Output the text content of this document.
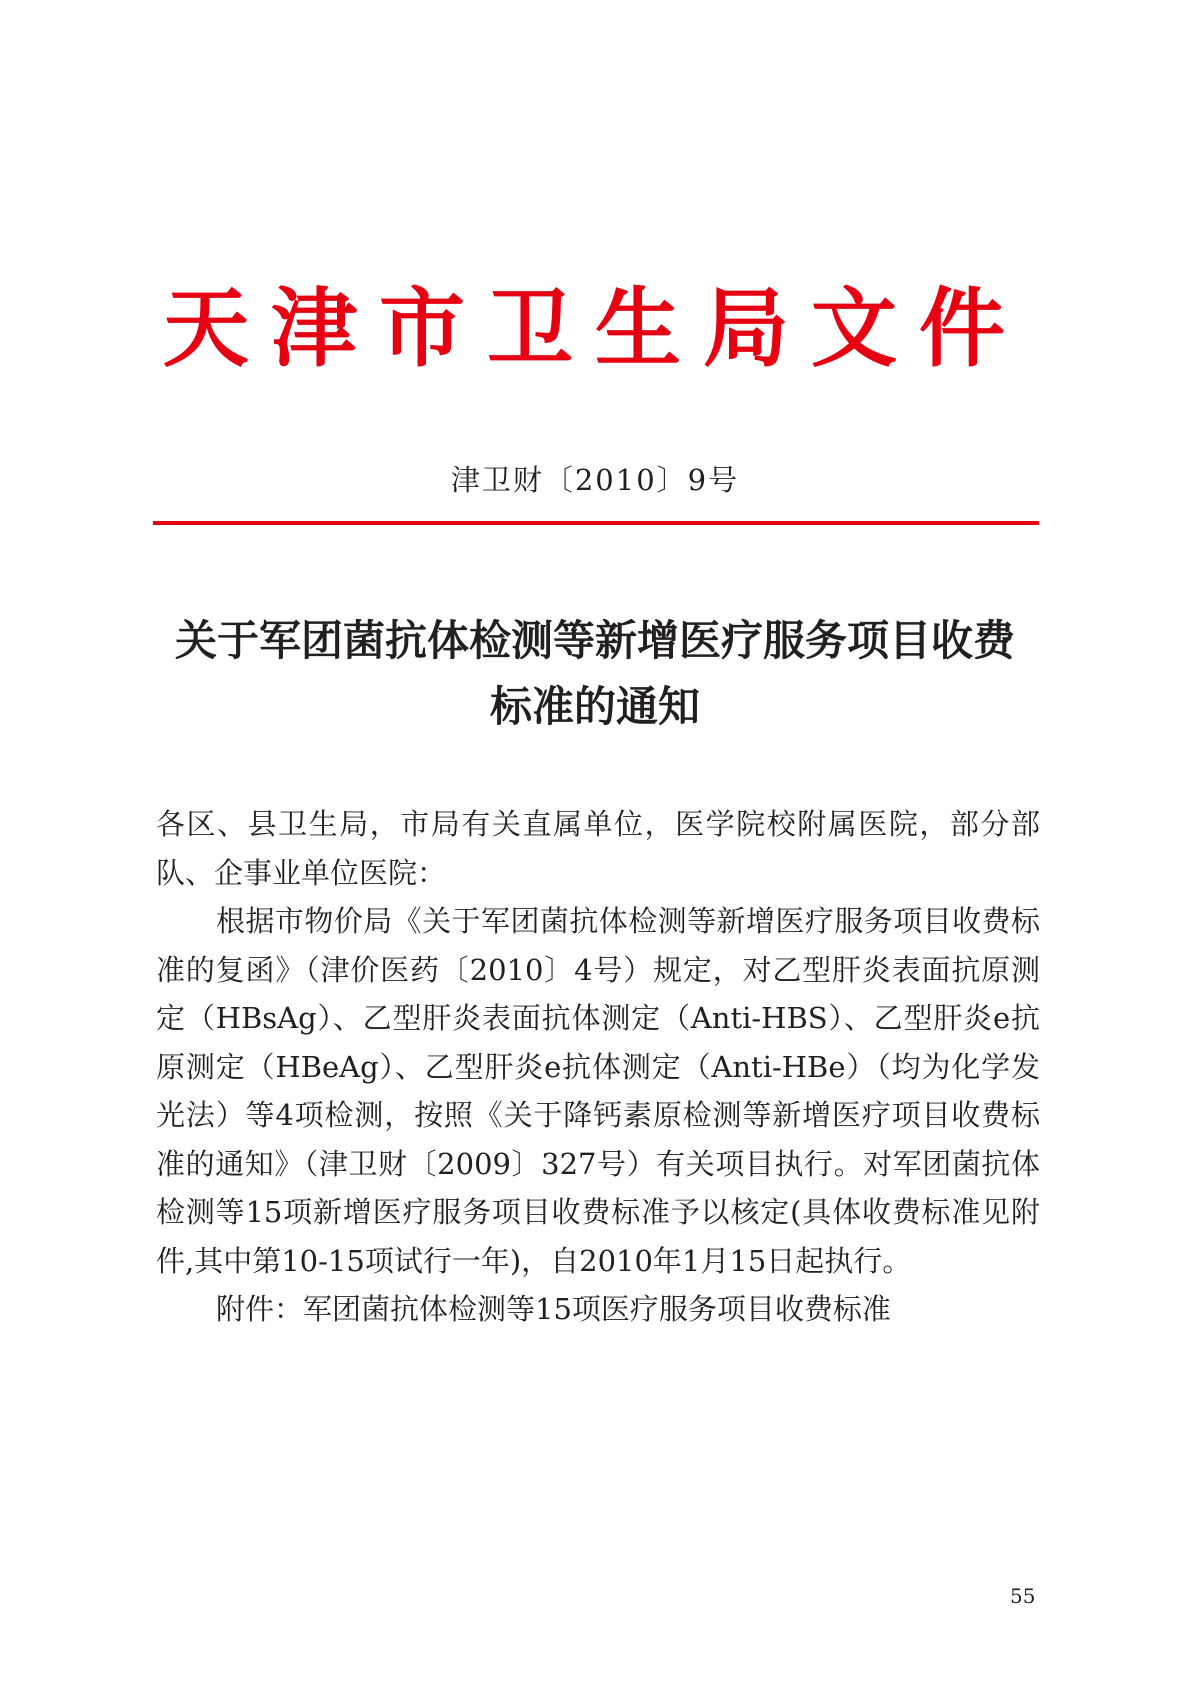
天津市卫生局文件
津卫财〔2010〕9号
关于军团菌抗体检测等新增医疗服务项目收费
标准的通知

各区、县卫生局，市局有关直属单位，医学院校附属医院，部分部队、企事业单位医院：

根据市物价局《关于军团菌抗体检测等新增医疗服务项目收费标准的复函》（津价医药〔2010〕4号）规定，对乙型肝炎表面抗原测定（HBsAg）、乙型肝炎表面抗体测定（Anti-HBS）、乙型肝炎e抗原测定（HBeAg）、乙型肝炎e抗体测定（Anti-HBe）（均为化学发光法）等4项检测，按照《关于降钙素原检测等新增医疗项目收费标准的通知》（津卫财〔2009〕327号）有关项目执行。对军团菌抗体检测等15项新增医疗服务项目收费标准予以核定(具体收费标准见附件,其中第10-15项试行一年)，自2010年1月15日起执行。

附件：军团菌抗体检测等15项医疗服务项目收费标准

55
